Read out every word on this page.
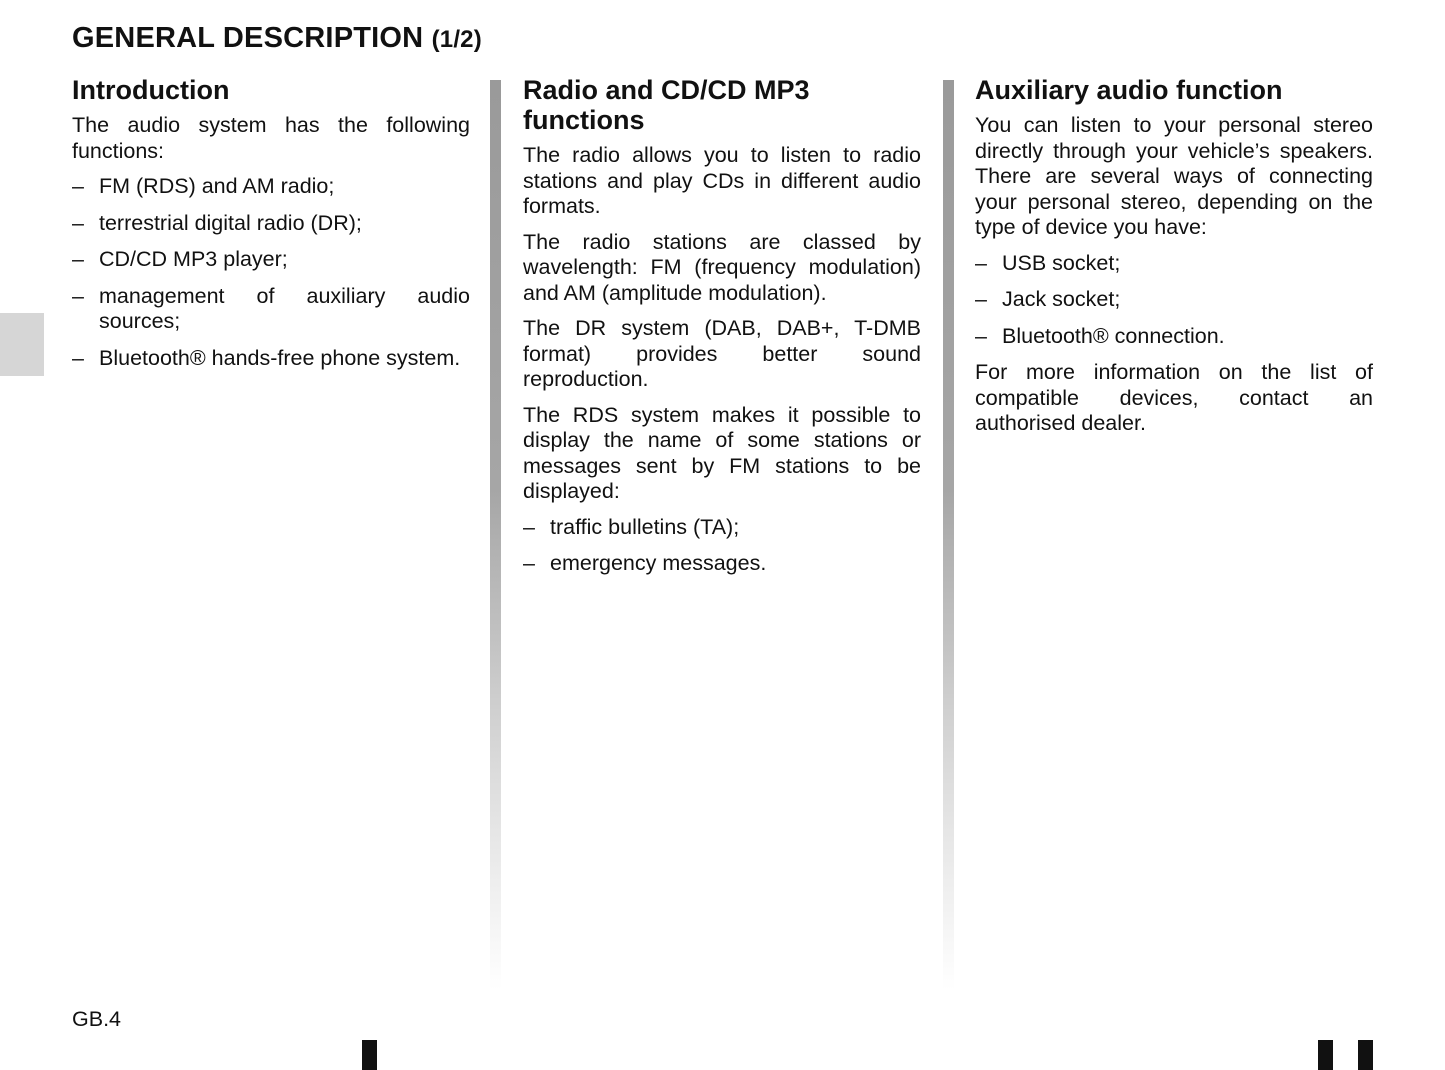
GENERAL DESCRIPTION (1/2)
Introduction

The audio system has the following functions:

– FM (RDS) and AM radio;
– terrestrial digital radio (DR);
– CD/CD MP3 player;
– management of auxiliary audio sources;
– Bluetooth® hands-free phone system.
Radio and CD/CD MP3 functions

The radio allows you to listen to radio stations and play CDs in different audio formats.

The radio stations are classed by wavelength: FM (frequency modulation) and AM (amplitude modulation).

The DR system (DAB, DAB+, T-DMB format) provides better sound reproduction.

The RDS system makes it possible to display the name of some stations or messages sent by FM stations to be displayed:

– traffic bulletins (TA);
– emergency messages.
Auxiliary audio function

You can listen to your personal stereo directly through your vehicle’s speakers. There are several ways of connecting your personal stereo, depending on the type of device you have:

– USB socket;
– Jack socket;
– Bluetooth® connection.

For more information on the list of compatible devices, contact an authorised dealer.

GB.4
